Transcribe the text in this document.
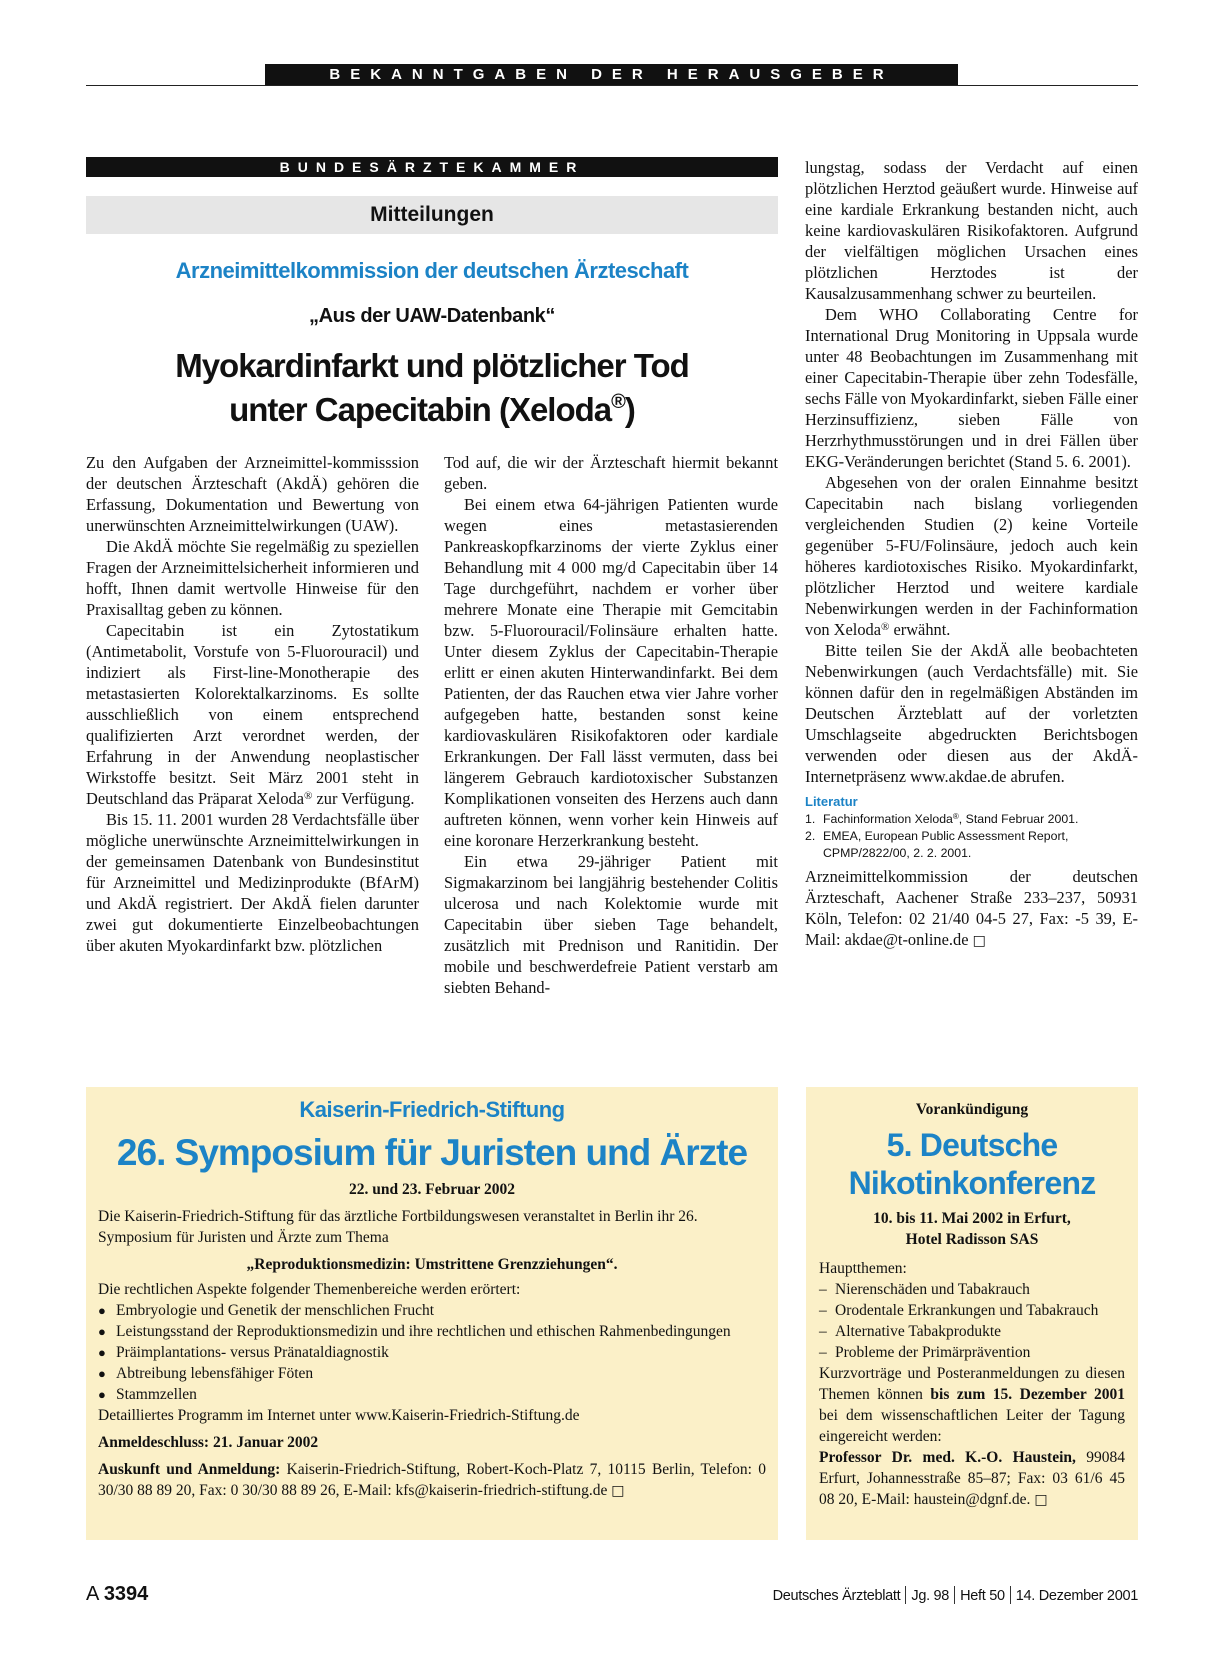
BEKANNTGABEN DER HERAUSGEBER
BUNDESÄRZTEKAMMER
Mitteilungen
Arzneimittelkommission der deutschen Ärzteschaft
„Aus der UAW-Datenbank“
Myokardinfarkt und plötzlicher Tod
unter Capecitabin (Xeloda®)

Zu den Aufgaben der Arzneimittel-kommisssion der deutschen Ärzteschaft (AkdÄ) gehören die Erfassung, Dokumentation und Bewertung von unerwünschten Arzneimittelwirkungen (UAW).

Die AkdÄ möchte Sie regelmäßig zu speziellen Fragen der Arzneimittelsicherheit informieren und hofft, Ihnen damit wertvolle Hinweise für den Praxisalltag geben zu können.

Capecitabin ist ein Zytostatikum (Antimetabolit, Vorstufe von 5-Fluorouracil) und indiziert als First-line-Monotherapie des metastasierten Kolorektalkarzinoms. Es sollte ausschließlich von einem entsprechend qualifizierten Arzt verordnet werden, der Erfahrung in der Anwendung neoplastischer Wirkstoffe besitzt. Seit März 2001 steht in Deutschland das Präparat Xeloda® zur Verfügung.

Bis 15. 11. 2001 wurden 28 Verdachtsfälle über mögliche unerwünschte Arzneimittelwirkungen in der gemeinsamen Datenbank von Bundesinstitut für Arzneimittel und Medizinprodukte (BfArM) und AkdÄ registriert. Der AkdÄ fielen darunter zwei gut dokumentierte Einzelbeobachtungen über akuten Myokardinfarkt bzw. plötzlichen

Tod auf, die wir der Ärzteschaft hiermit bekannt geben.

Bei einem etwa 64-jährigen Patienten wurde wegen eines metastasierenden Pankreaskopfkarzinoms der vierte Zyklus einer Behandlung mit 4 000 mg/d Capecitabin über 14 Tage durchgeführt, nachdem er vorher über mehrere Monate eine Therapie mit Gemcitabin bzw. 5-Fluorouracil/Folinsäure erhalten hatte. Unter diesem Zyklus der Capecitabin-Therapie erlitt er einen akuten Hinterwandinfarkt. Bei dem Patienten, der das Rauchen etwa vier Jahre vorher aufgegeben hatte, bestanden sonst keine kardiovaskulären Risikofaktoren oder kardiale Erkrankungen. Der Fall lässt vermuten, dass bei längerem Gebrauch kardiotoxischer Substanzen Komplikationen vonseiten des Herzens auch dann auftreten können, wenn vorher kein Hinweis auf eine koronare Herzerkrankung besteht.

Ein etwa 29-jähriger Patient mit Sigmakarzinom bei langjährig bestehender Colitis ulcerosa und nach Kolektomie wurde mit Capecitabin über sieben Tage behandelt, zusätzlich mit Prednison und Ranitidin. Der mobile und beschwerdefreie Patient verstarb am siebten Behand-

lungstag, sodass der Verdacht auf einen plötzlichen Herztod geäußert wurde. Hinweise auf eine kardiale Erkrankung bestanden nicht, auch keine kardiovaskulären Risikofaktoren. Aufgrund der vielfältigen möglichen Ursachen eines plötzlichen Herztodes ist der Kausalzusammenhang schwer zu beurteilen.

Dem WHO Collaborating Centre for International Drug Monitoring in Uppsala wurde unter 48 Beobachtungen im Zusammenhang mit einer Capecitabin-Therapie über zehn Todesfälle, sechs Fälle von Myokardinfarkt, sieben Fälle einer Herzinsuffizienz, sieben Fälle von Herzrhythmusstörungen und in drei Fällen über EKG-Veränderungen berichtet (Stand 5. 6. 2001).

Abgesehen von der oralen Einnahme besitzt Capecitabin nach bislang vorliegenden vergleichenden Studien (2) keine Vorteile gegenüber 5-FU/Folinsäure, jedoch auch kein höheres kardiotoxisches Risiko. Myokardinfarkt, plötzlicher Herztod und weitere kardiale Nebenwirkungen werden in der Fachinformation von Xeloda® erwähnt.

Bitte teilen Sie der AkdÄ alle beobachteten Nebenwirkungen (auch Verdachtsfälle) mit. Sie können dafür den in regelmäßigen Abständen im Deutschen Ärzteblatt auf der vorletzten Umschlagseite abgedruckten Berichtsbogen verwenden oder diesen aus der AkdÄ-Internetpräsenz www.akdae.de abrufen.

Literatur
1. Fachinformation Xeloda®, Stand Februar 2001.
2. EMEA, European Public Assessment Report, CPMP/2822/00, 2. 2. 2001.

Arzneimittelkommission der deutschen Ärzteschaft, Aachener Straße 233–237, 50931 Köln, Telefon: 02 21/40 04-5 27, Fax: -5 39, E-Mail: akdae@t-online.de □

Kaiserin-Friedrich-Stiftung
26. Symposium für Juristen und Ärzte
22. und 23. Februar 2002
Die Kaiserin-Friedrich-Stiftung für das ärztliche Fortbildungswesen veranstaltet in Berlin ihr 26. Symposium für Juristen und Ärzte zum Thema
„Reproduktionsmedizin: Umstrittene Grenzziehungen“.
Die rechtlichen Aspekte folgender Themenbereiche werden erörtert:
● Embryologie und Genetik der menschlichen Frucht
● Leistungsstand der Reproduktionsmedizin und ihre rechtlichen und ethischen Rahmenbedingungen
● Präimplantations- versus Pränataldiagnostik
● Abtreibung lebensfähiger Föten
● Stammzellen
Detailliertes Programm im Internet unter www.Kaiserin-Friedrich-Stiftung.de
Anmeldeschluss: 21. Januar 2002
Auskunft und Anmeldung: Kaiserin-Friedrich-Stiftung, Robert-Koch-Platz 7, 10115 Berlin, Telefon: 0 30/30 88 89 20, Fax: 0 30/30 88 89 26, E-Mail: kfs@kaiserin-friedrich-stiftung.de □
Vorankündigung
5. Deutsche
Nikotinkonferenz
10. bis 11. Mai 2002 in Erfurt,
Hotel Radisson SAS
Hauptthemen:
– Nierenschäden und Tabakrauch
– Orodentale Erkrankungen und Tabakrauch
– Alternative Tabakprodukte
– Probleme der Primärprävention
Kurzvorträge und Posteranmeldungen zu diesen Themen können bis zum 15. Dezember 2001 bei dem wissenschaftlichen Leiter der Tagung eingereicht werden:
Professor Dr. med. K.-O. Haustein, 99084 Erfurt, Johannesstraße 85–87; Fax: 03 61/6 45 08 20, E-Mail: haustein@dgnf.de. □
A 3394	Deutsches Ärzteblatt Jg. 98 Heft 50 14. Dezember 2001
